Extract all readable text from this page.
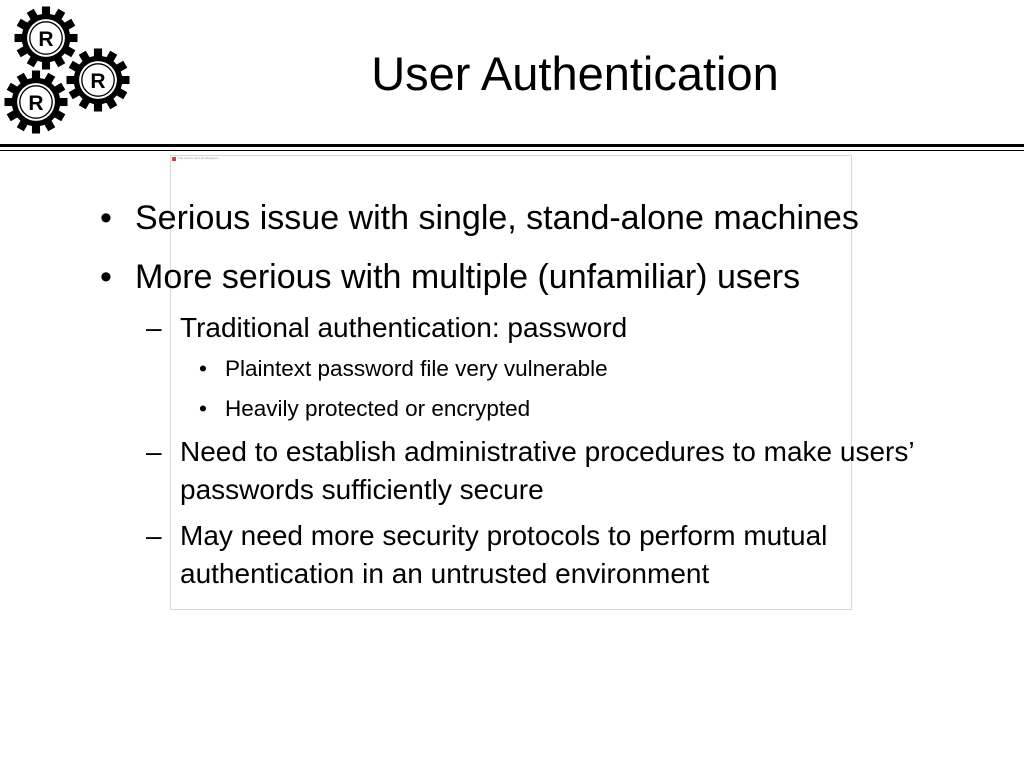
R
R
R
User Authentication
The picture can't be displayed.
• Serious issue with single, stand-alone machines
• More serious with multiple (unfamiliar) users
– Traditional authentication: password
• Plaintext password file very vulnerable
• Heavily protected or encrypted
– Need to establish administrative procedures to make users’ passwords sufficiently secure
– May need more security protocols to perform mutual authentication in an untrusted environment
